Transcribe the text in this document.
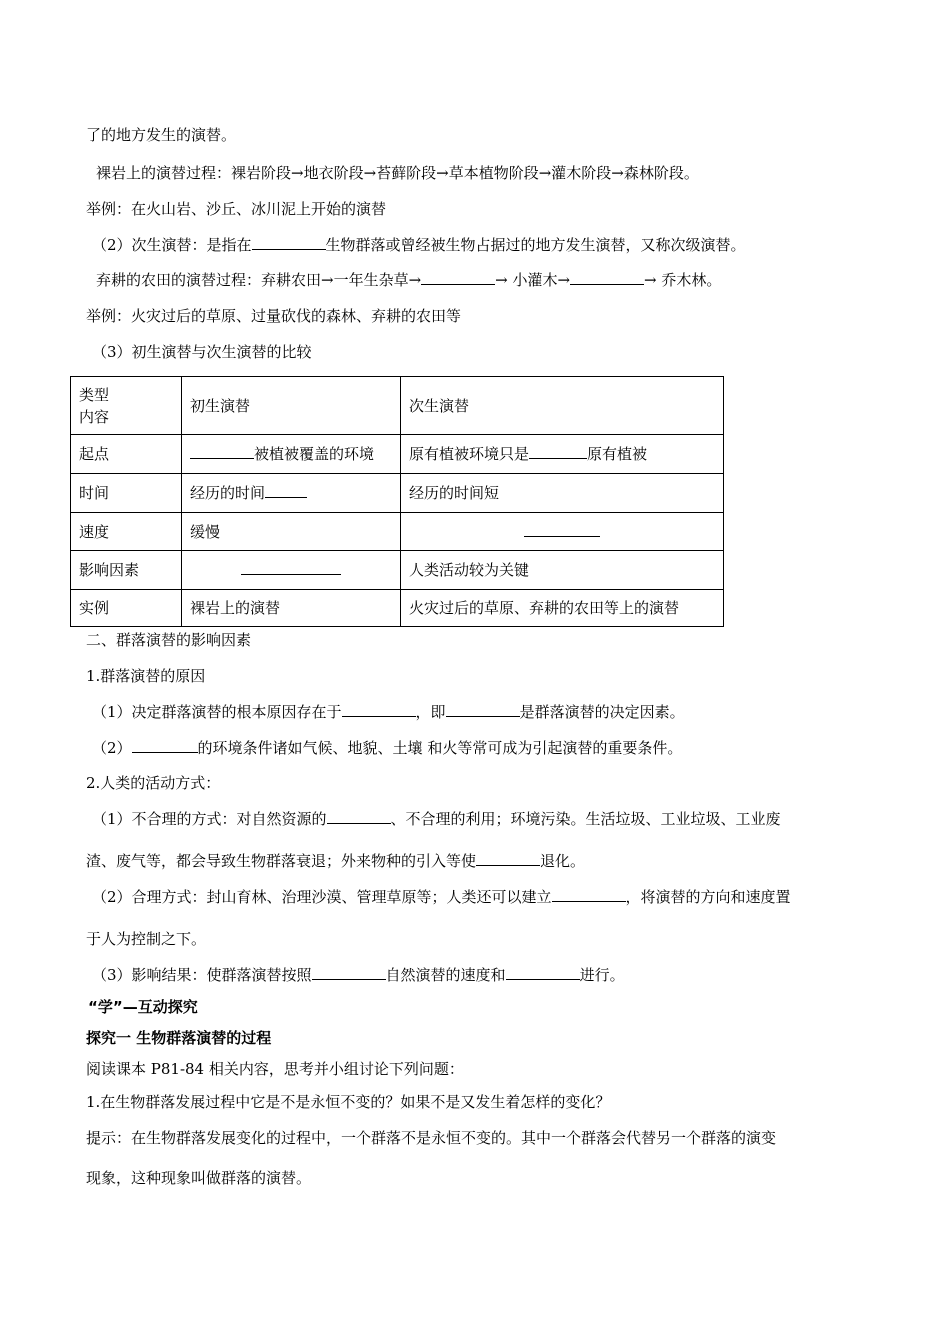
了的地方发生的演替。
裸岩上的演替过程：裸岩阶段→地衣阶段→苔藓阶段→草本植物阶段→灌木阶段→森林阶段。
举例：在火山岩、沙丘、冰川泥上开始的演替
（2）次生演替：是指在	生物群落或曾经被生物占据过的地方发生演替，又称次级演替。
弃耕的农田的演替过程：弃耕农田→一年生杂草→	→ 小灌木→	→ 乔木林。
举例：火灾过后的草原、过量砍伐的森林、弃耕的农田等
（3）初生演替与次生演替的比较
类型
内容	初生演替	次生演替
起点	被植被覆盖的环境	原有植被环境只是 原有植被
时间	经历的时间	经历的时间短
速度	缓慢	
影响因素		人类活动较为关键
实例	裸岩上的演替	火灾过后的草原、弃耕的农田等上的演替
二、群落演替的影响因素
1.群落演替的原因
（1）决定群落演替的根本原因存在于	，即	是群落演替的决定因素。
（2）	的环境条件诸如气候、地貌、土壤 和火等常可成为引起演替的重要条件。
2.人类的活动方式：
（1）不合理的方式：对自然资源的	、不合理的利用；环境污染。生活垃圾、工业垃圾、工业废
渣、废气等，都会导致生物群落衰退；外来物种的引入等使	退化。
（2）合理方式：封山育林、治理沙漠、管理草原等；人类还可以建立	，将演替的方向和速度置
于人为控制之下。
（3）影响结果：使群落演替按照	自然演替的速度和	进行。
“学”—互动探究
探究一 生物群落演替的过程
阅读课本 P81-84 相关内容，思考并小组讨论下列问题：
1.在生物群落发展过程中它是不是永恒不变的？如果不是又发生着怎样的变化？
提示：在生物群落发展变化的过程中，一个群落不是永恒不变的。其中一个群落会代替另一个群落的演变
现象，这种现象叫做群落的演替。
